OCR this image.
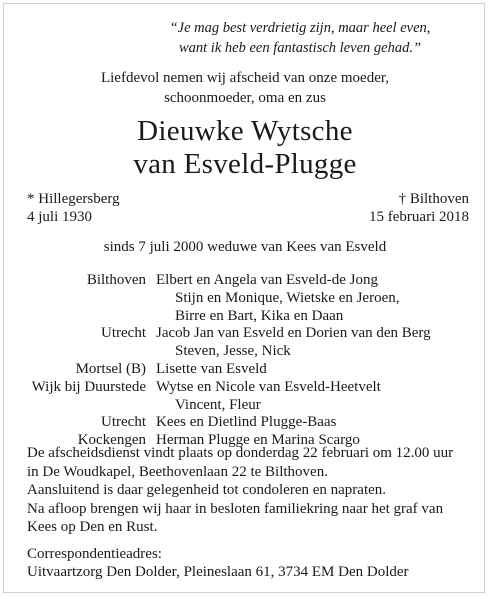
“Je mag best verdrietig zijn, maar heel even,
want ik heb een fantastisch leven gehad.”
Liefdevol nemen wij afscheid van onze moeder,
schoonmoeder, oma en zus
Dieuwke Wytsche
van Esveld-Plugge
* Hillegersberg
4 juli 1930
† Bilthoven
15 februari 2018
sinds 7 juli 2000 weduwe van Kees van Esveld
Bilthoven Elbert en Angela van Esveld-de Jong
Stijn en Monique, Wietske en Jeroen,
Birre en Bart, Kika en Daan
Utrecht Jacob Jan van Esveld en Dorien van den Berg
Steven, Jesse, Nick
Mortsel (B) Lisette van Esveld
Wijk bij Duurstede Wytse en Nicole van Esveld-Heetvelt
Vincent, Fleur
Utrecht Kees en Dietlind Plugge-Baas
Kockengen Herman Plugge en Marina Scargo
De afscheidsdienst vindt plaats op donderdag 22 februari om 12.00 uur
in De Woudkapel, Beethovenlaan 22 te Bilthoven.
Aansluitend is daar gelegenheid tot condoleren en napraten.
Na afloop brengen wij haar in besloten familiekring naar het graf van
Kees op Den en Rust.
Correspondentieadres:
Uitvaartzorg Den Dolder, Pleineslaan 61, 3734 EM Den Dolder
